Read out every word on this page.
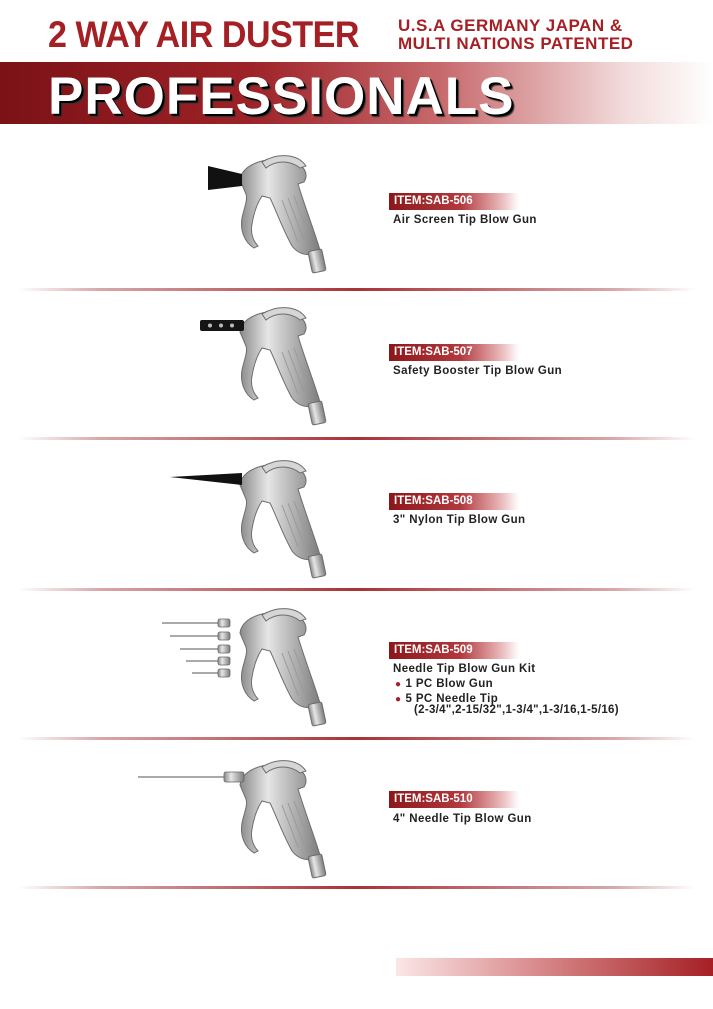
2 WAY AIR DUSTER U.S.A GERMANY JAPAN &
MULTI NATIONS PATENTED
PROFESSIONALS
ITEM:SAB-506
Air Screen Tip Blow Gun
ITEM:SAB-507
Safety Booster Tip Blow Gun
ITEM:SAB-508
3" Nylon Tip Blow Gun
ITEM:SAB-509
Needle Tip Blow Gun Kit
● 1 PC Blow Gun
● 5 PC Needle Tip
(2-3/4",2-15/32",1-3/4",1-3/16,1-5/16)
ITEM:SAB-510
4" Needle Tip Blow Gun
